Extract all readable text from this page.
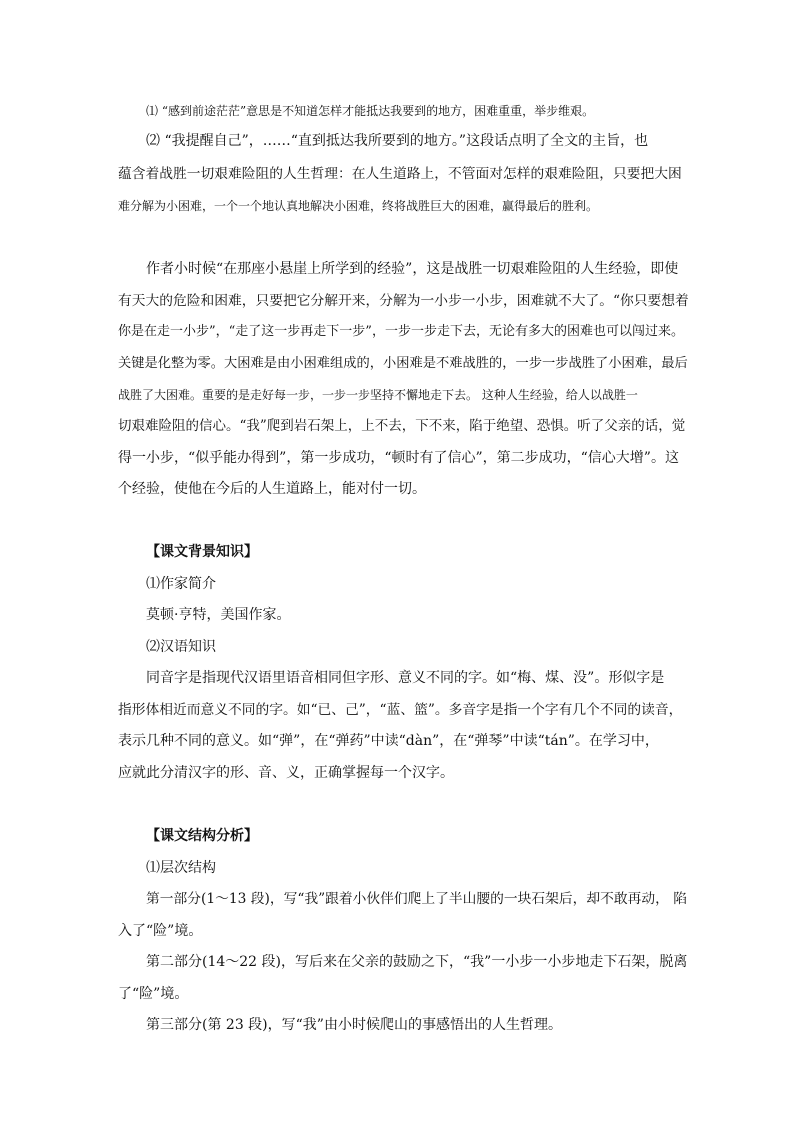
⑴ “感到前途茫茫”意思是不知道怎样才能抵达我要到的地方，困难重重，举步维艰。
⑵ “我提醒自己”，……“直到抵达我所要到的地方。”这段话点明了全文的主旨，也
蕴含着战胜一切艰难险阻的人生哲理：在人生道路上，不管面对怎样的艰难险阻，只要把大困
难分解为小困难，一个一个地认真地解决小困难，终将战胜巨大的困难，赢得最后的胜利。
作者小时候“在那座小悬崖上所学到的经验”，这是战胜一切艰难险阻的人生经验，即使
有天大的危险和困难，只要把它分解开来，分解为一小步一小步，困难就不大了。“你只要想着
你是在走一小步”，“走了这一步再走下一步”，一步一步走下去，无论有多大的困难也可以闯过来。
关键是化整为零。大困难是由小困难组成的，小困难是不难战胜的，一步一步战胜了小困难，最后
战胜了大困难。重要的是走好每一步，一步一步坚持不懈地走下去。 这种人生经验，给人以战胜一
切艰难险阻的信心。“我”爬到岩石架上，上不去，下不来，陷于绝望、恐惧。听了父亲的话，觉
得一小步，“似乎能办得到”，第一步成功，“顿时有了信心”，第二步成功，“信心大增”。这
个经验，使他在今后的人生道路上，能对付一切。
【课文背景知识】
⑴作家简介
莫顿·亨特，美国作家。
⑵汉语知识
同音字是指现代汉语里语音相同但字形、意义不同的字。如“梅、煤、没”。形似字是
指形体相近而意义不同的字。如“已、己”，“蓝、篮”。多音字是指一个字有几个不同的读音，
表示几种不同的意义。如“弹”，在“弹药”中读“dàn”，在“弹琴”中读“tán”。在学习中，
应就此分清汉字的形、音、义，正确掌握每一个汉字。
【课文结构分析】
⑴层次结构
第一部分(1～13 段)，写“我”跟着小伙伴们爬上了半山腰的一块石架后，却不敢再动， 陷
入了“险”境。
第二部分(14～22 段)，写后来在父亲的鼓励之下，“我”一小步一小步地走下石架，脱离
了“险”境。
第三部分(第 23 段)，写“我”由小时候爬山的事感悟出的人生哲理。
